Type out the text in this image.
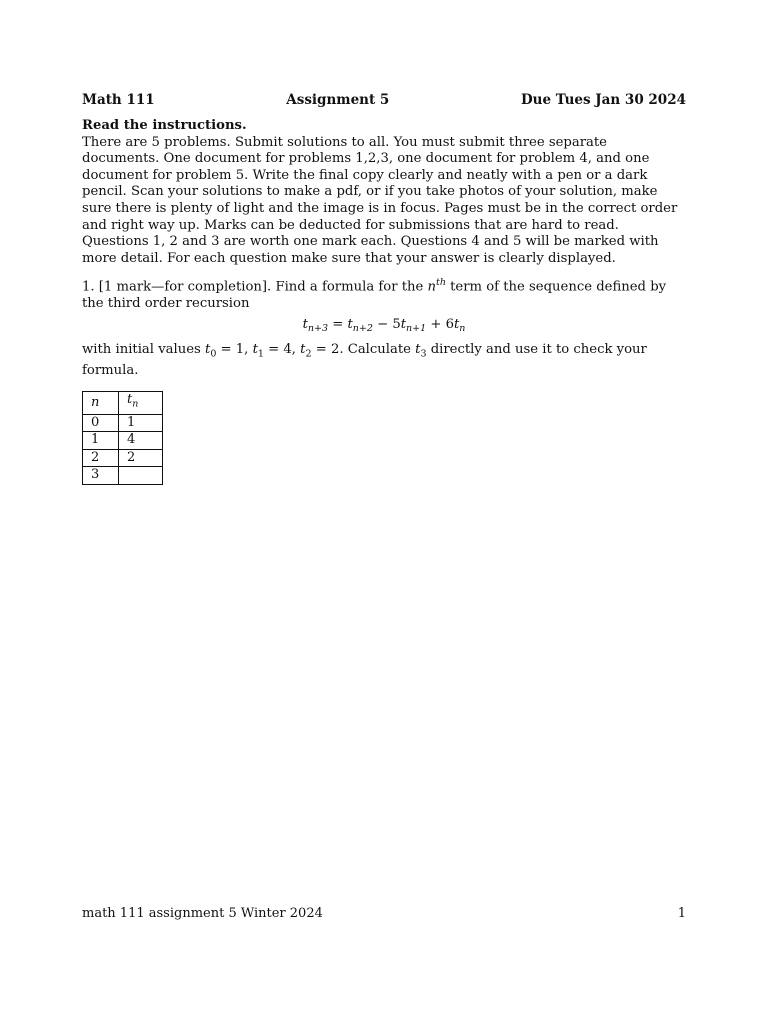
Math 111	Assignment 5	Due Tues Jan 30 2024

Read the instructions.

There are 5 problems. Submit solutions to all. You must submit three separate documents. One document for problems 1,2,3, one document for problem 4, and one document for problem 5. Write the final copy clearly and neatly with a pen or a dark pencil. Scan your solutions to make a pdf, or if you take photos of your solution, make sure there is plenty of light and the image is in focus. Pages must be in the correct order and right way up. Marks can be deducted for submissions that are hard to read.

Questions 1, 2 and 3 are worth one mark each. Questions 4 and 5 will be marked with more detail. For each question make sure that your answer is clearly displayed.

1. [1 mark—for completion]. Find a formula for the $n^{th}$ term of the sequence defined by the third order recursion

$t_{n+3} = t_{n+2} - 5t_{n+1} + 6t_n$

with initial values $t_0 = 1$, $t_1 = 4$, $t_2 = 2$. Calculate $t_3$ directly and use it to check your formula.

n	$t_n$
0	1
1	4
2	2
3	
math 111 assignment 5 Winter 2024	1
